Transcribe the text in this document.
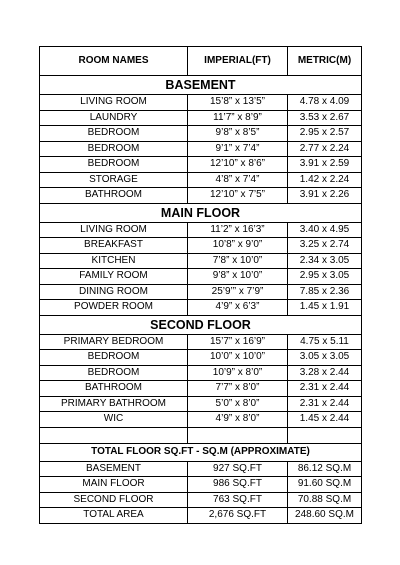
ROOM NAMES	IMPERIAL(FT)	METRIC(M)
BASEMENT		
LIVING ROOM	15’8” x 13’5”	4.78 x 4.09
LAUNDRY	11’7” x 8’9”	3.53 x 2.67
BEDROOM	9’8” x 8’5”	2.95 x 2.57
BEDROOM	9’1” x 7’4”	2.77 x 2.24
BEDROOM	12’10” x 8’6”	3.91 x 2.59
STORAGE	4’8” x 7’4”	1.42 x 2.24
BATHROOM	12’10” x 7’5”	3.91 x 2.26
MAIN FLOOR		
LIVING ROOM	11’2” x 16’3”	3.40 x 4.95
BREAKFAST	10’8” x 9’0”	3.25 x 2.74
KITCHEN	7’8” x 10’0”	2.34 x 3.05
FAMILY ROOM	9’8” x 10’0”	2.95 x 3.05
DINING ROOM	25’9’” x 7’9”	7.85 x 2.36
POWDER ROOM	4’9” x 6’3”	1.45 x 1.91
SECOND FLOOR		
PRIMARY BEDROOM	15’7” x 16’9”	4.75 x 5.11
BEDROOM	10’0” x 10’0”	3.05 x 3.05
BEDROOM	10’9” x 8’0”	3.28 x 2.44
BATHROOM	7’7” x 8’0”	2.31 x 2.44
PRIMARY BATHROOM	5’0” x 8’0”	2.31 x 2.44
WIC	4’9” x 8’0”	1.45 x 2.44

TOTAL FLOOR SQ.FT - SQ.M (APPROXIMATE)		
BASEMENT	927 SQ.FT	86.12 SQ.M
MAIN FLOOR	986 SQ.FT	91.60 SQ.M
SECOND FLOOR	763 SQ.FT	70.88 SQ.M
TOTAL AREA	2,676 SQ.FT	248.60 SQ.M
